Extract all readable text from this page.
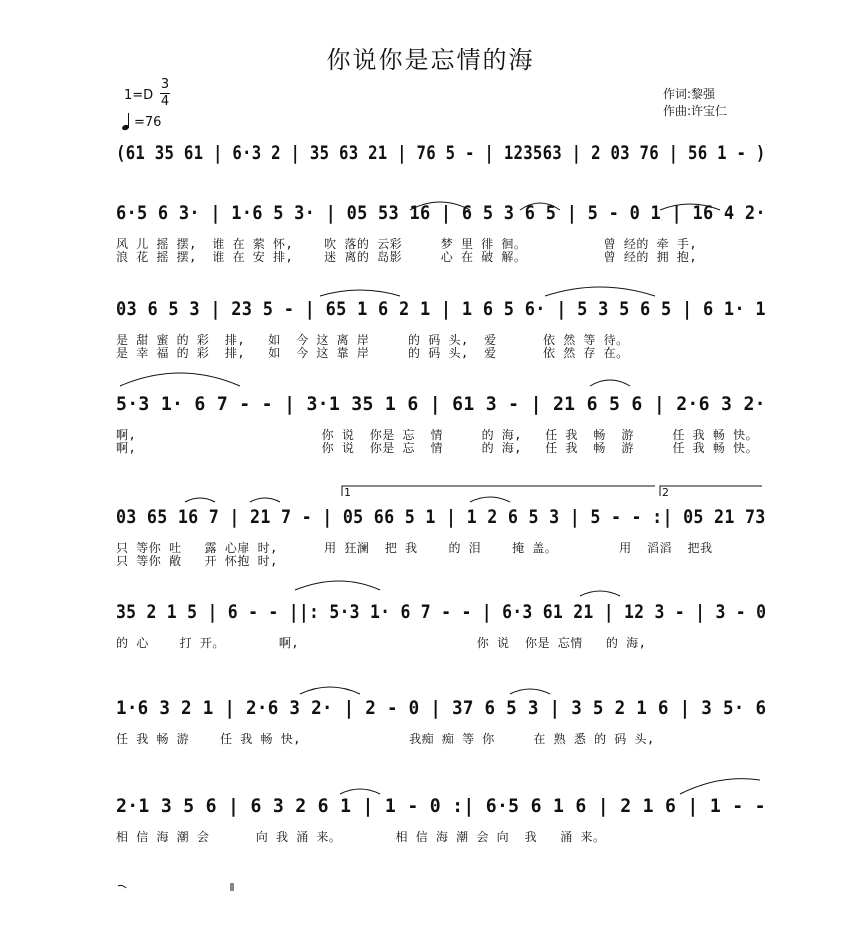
你说你是忘情的海
1=D
3
4
=76
作词:黎强
作曲:许宝仁
(61 35 61 | 6·3 2 | 35 63 21 | 76 5 - | 123563 | 2 03 76 | 56 1 - )
6·5 6 3· | 1·6 5 3· | 05 53 16 | 6 5 3 6 5 | 5 - 0 1 | 16 4 2·
风 儿 摇 摆,  谁 在 萦 怀,    吹 落的 云彩     梦 里 徘 徊。          曾 经的 牵 手,
浪 花 摇 摆,  谁 在 安 排,    迷 离的 岛影     心 在 破 解。          曾 经的 拥 抱,
03 6 5 3 | 23 5 - | 65 1 6 2 1 | 1 6 5 6· | 5 3 5 6 5 | 6 1· 1
是 甜 蜜 的 彩  排,   如  今 这 离 岸     的 码 头,  爱      依 然 等 待。
是 幸 福 的 彩  排,   如  今 这 靠 岸     的 码 头,  爱      依 然 存 在。
5·3 1· 6 7 - - | 3·1 35 1 6 | 61 3 - | 21 6 5 6 | 2·6 3 2·
啊,                        你 说  你是 忘  情     的 海,   任 我  畅  游     任 我 畅 快。
啊,                        你 说  你是 忘  情     的 海,   任 我  畅  游     任 我 畅 快。
03 65 16 7 | 21 7 - | 05 66 5 1 | 1 2 6 5 3 | 5 - - :| 05 21 73
只 等你 吐   露 心扉 时,      用 狂澜  把 我    的 泪    掩 盖。        用  滔滔  把我
只 等你 敞   开 怀抱 时,
35 2 1 5 | 6 - - ||: 5·3 1· 6 7 - - | 6·3 61 21 | 12 3 - | 3 - 0
的 心    打 开。       啊,                       你 说  你是 忘情   的 海,
1·6 3 2 1 | 2·6 3 2· | 2 - 0 | 37 6 5 3 | 3 5 2 1 6 | 3 5· 6
任 我 畅 游    任 我 畅 快,              我痴 痴 等 你     在 熟 悉 的 码 头,
2·1 3 5 6 | 6 3 2 6 1 | 1 - 0 :| 6·5 6 1 6 | 2 1 6 | 1 - -
相 信 海 潮 会      向 我 涌 来。       相 信 海 潮 会 向  我   涌 来。
1	2
